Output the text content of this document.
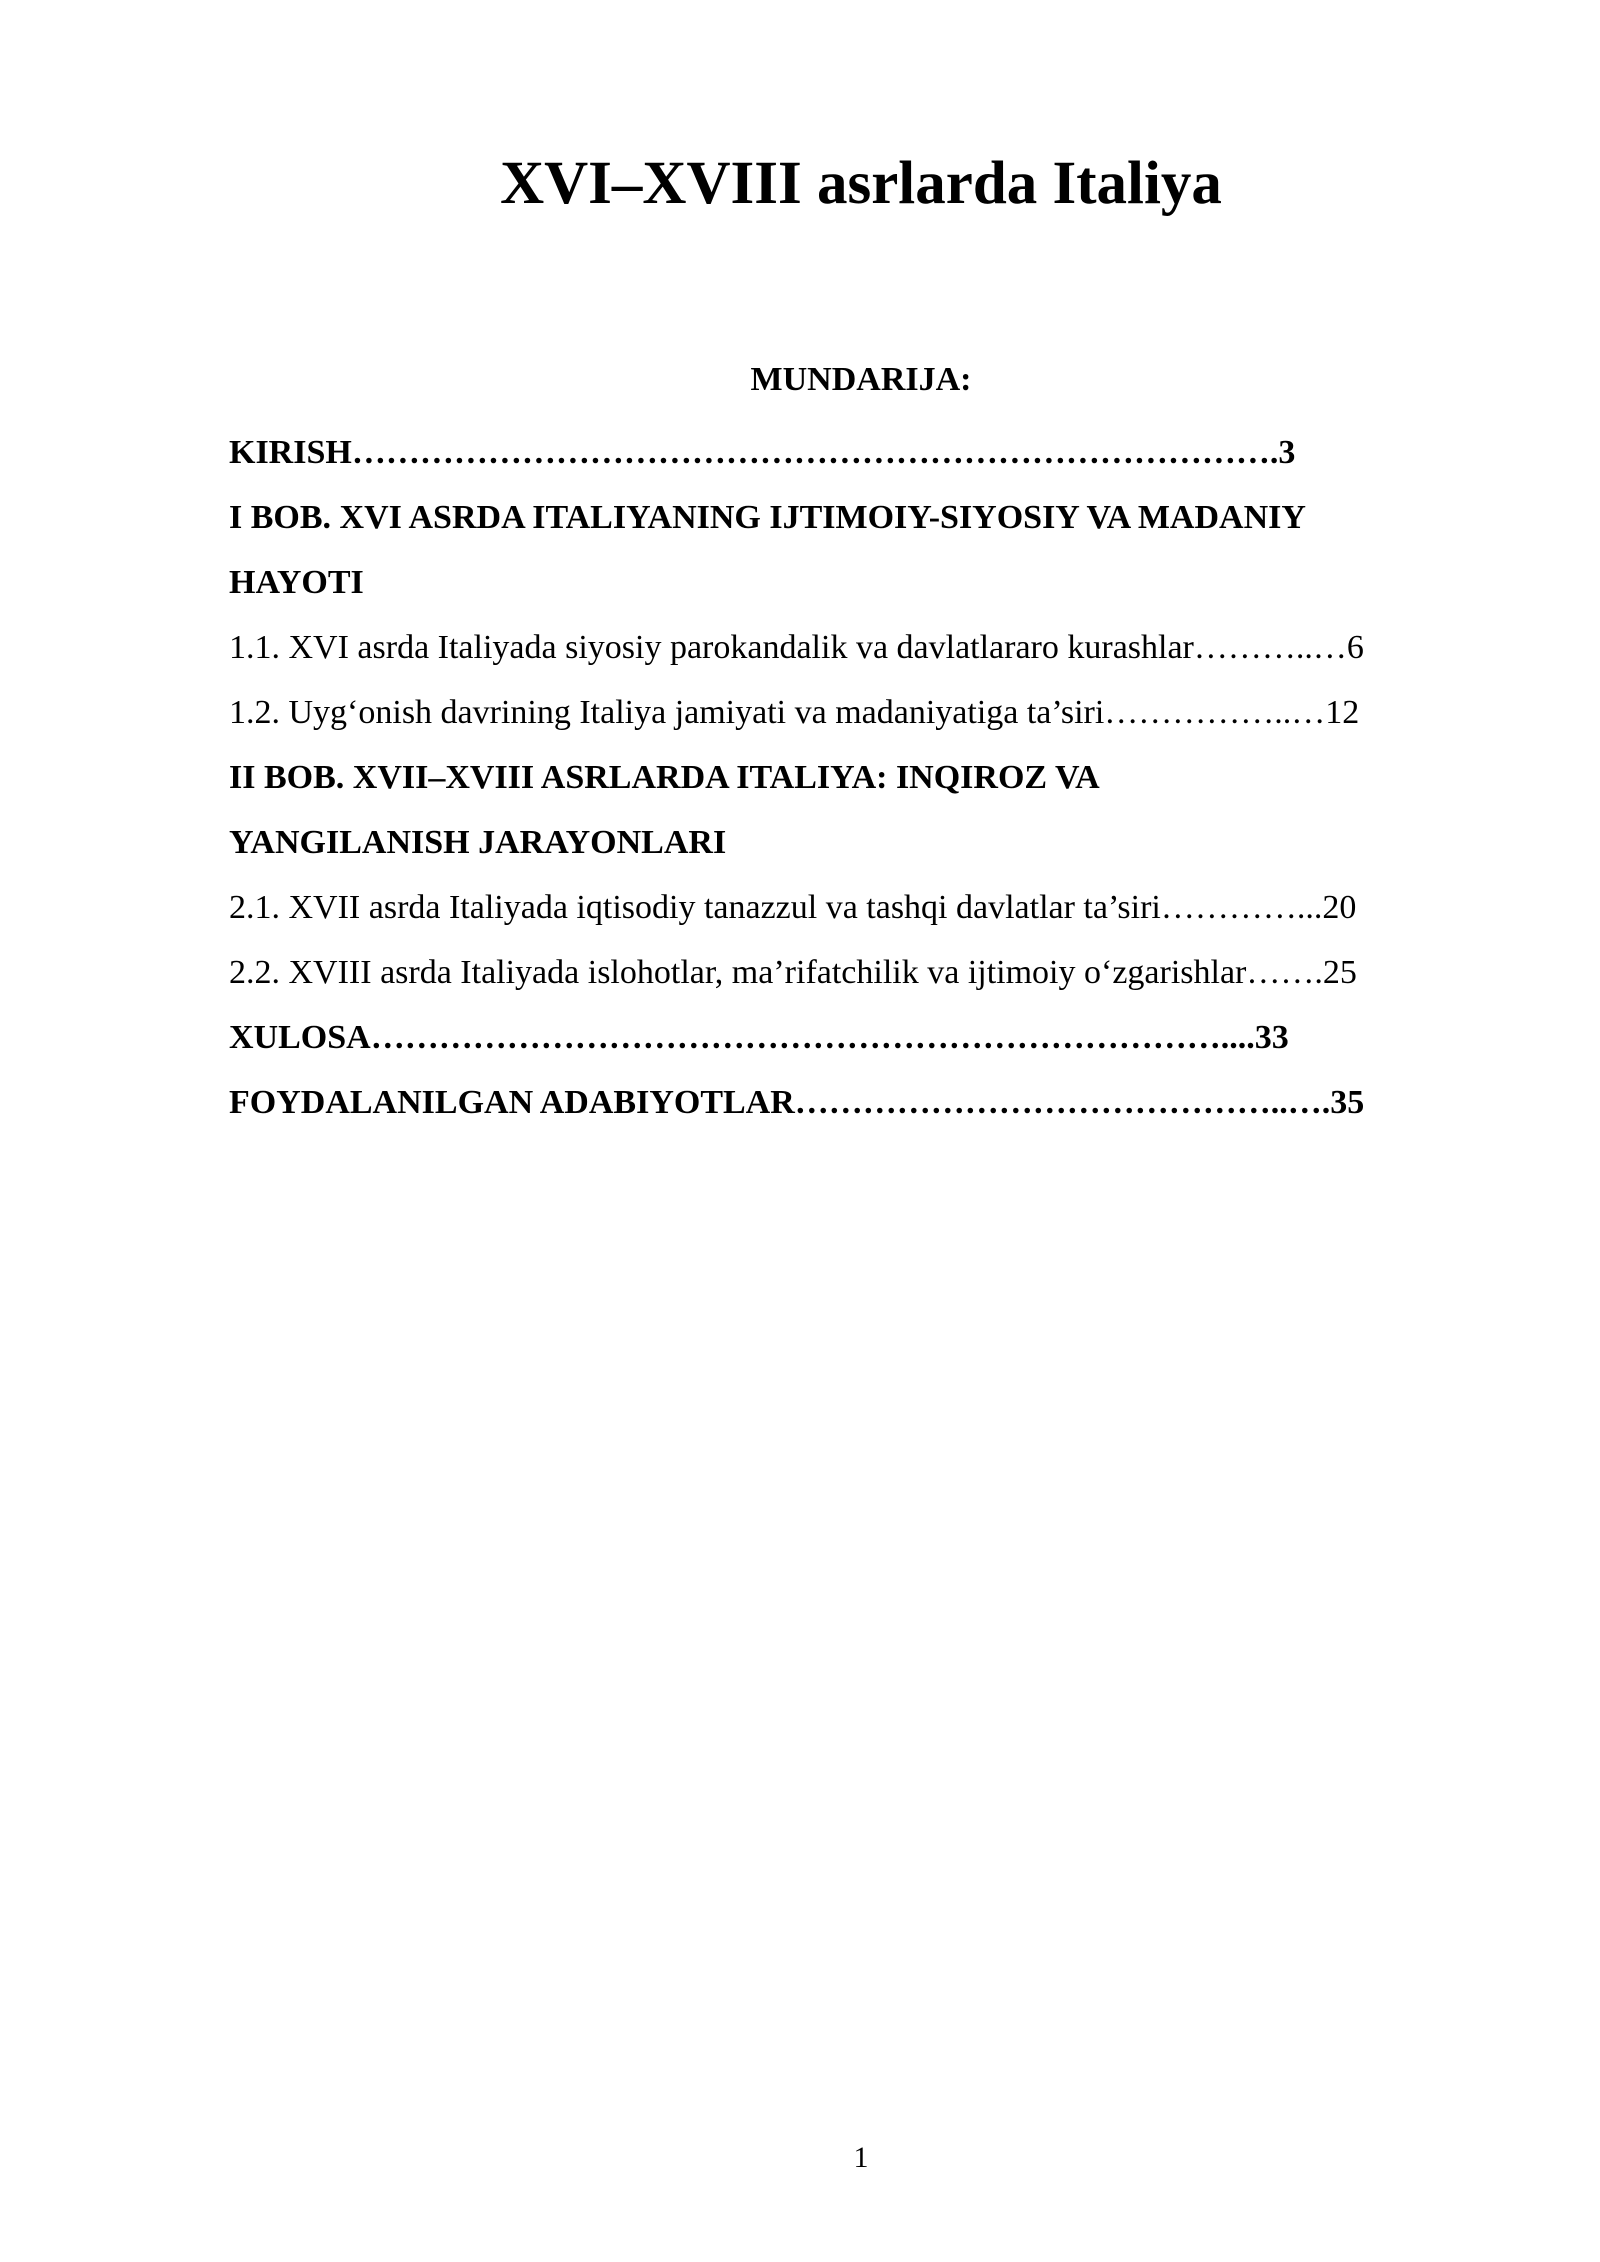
XVI–XVIII asrlarda Italiya
MUNDARIJA:
KIRISH……………………………………………………………………….3
I BOB. XVI ASRDA ITALIYANING IJTIMOIY-SIYOSIY VA MADANIY
HAYOTI
1.1. XVI asrda Italiyada siyosiy parokandalik va davlatlararo kurashlar………..…6
1.2. Uyg‘onish davrining Italiya jamiyati va madaniyatiga ta’siri……………..…12
II BOB. XVII–XVIII ASRLARDA ITALIYA: INQIROZ VA
YANGILANISH JARAYONLARI
2.1. XVII asrda Italiyada iqtisodiy tanazzul va tashqi davlatlar ta’siri…………...20
2.2. XVIII asrda Italiyada islohotlar, ma’rifatchilik va ijtimoiy o‘zgarishlar…….25
XULOSA…………………………………………………………………....33
FOYDALANILGAN ADABIYOTLAR……………………………………..….35
1
